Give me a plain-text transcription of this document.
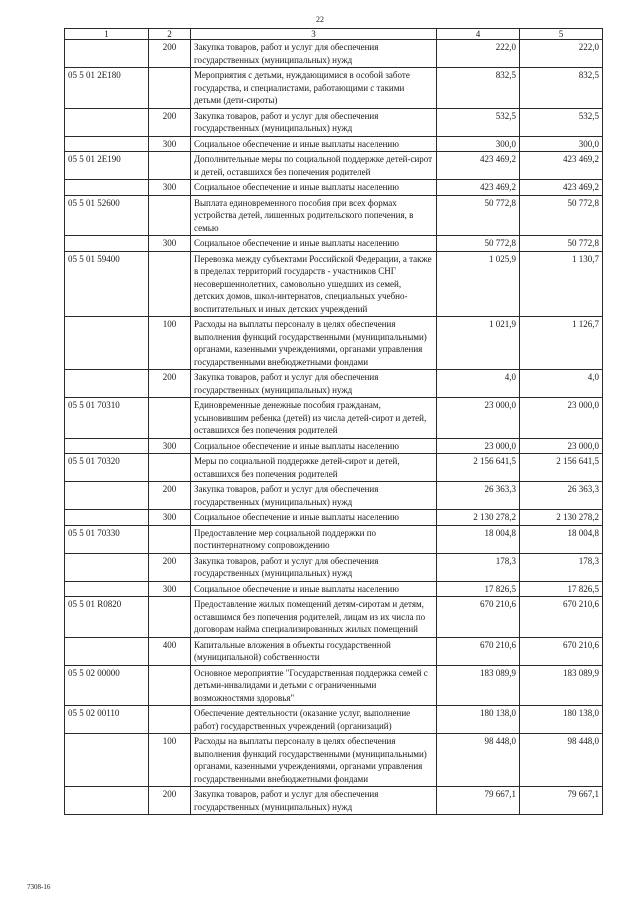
22
1	2	3	4	5
	200	Закупка товаров, работ и услуг для обеспечения государственных (муниципальных) нужд	222,0	222,0
05 5 01 2Е180		Мероприятия с детьми, нуждающимися в особой заботе государства, и специалистами, работающими с такими детьми (дети-сироты)	832,5	832,5
	200	Закупка товаров, работ и услуг для обеспечения государственных (муниципальных) нужд	532,5	532,5
	300	Социальное обеспечение и иные выплаты населению	300,0	300,0
05 5 01 2Е190		Дополнительные меры по социальной поддержке детей-сирот и детей, оставшихся без попечения родителей	423 469,2	423 469,2
	300	Социальное обеспечение и иные выплаты населению	423 469,2	423 469,2
05 5 01 52600		Выплата единовременного пособия при всех формах устройства детей, лишенных родительского попечения, в семью	50 772,8	50 772,8
	300	Социальное обеспечение и иные выплаты населению	50 772,8	50 772,8
05 5 01 59400		Перевозка между субъектами Российской Федерации, а также в пределах территорий государств - участников СНГ несовершеннолетних, самовольно ушедших из семей, детских домов, школ-интернатов, специальных учебно-воспитательных и иных детских учреждений	1 025,9	1 130,7
	100	Расходы на выплаты персоналу в целях обеспечения выполнения функций государственными (муниципальными) органами, казенными учреждениями, органами управления государственными внебюджетными фондами	1 021,9	1 126,7
	200	Закупка товаров, работ и услуг для обеспечения государственных (муниципальных) нужд	4,0	4,0
05 5 01 70310		Единовременные денежные пособия гражданам, усыновившим ребенка (детей) из числа детей-сирот и детей, оставшихся без попечения родителей	23 000,0	23 000,0
	300	Социальное обеспечение и иные выплаты населению	23 000,0	23 000,0
05 5 01 70320		Меры по социальной поддержке детей-сирот и детей, оставшихся без попечения родителей	2 156 641,5	2 156 641,5
	200	Закупка товаров, работ и услуг для обеспечения государственных (муниципальных) нужд	26 363,3	26 363,3
	300	Социальное обеспечение и иные выплаты населению	2 130 278,2	2 130 278,2
05 5 01 70330		Предоставление мер социальной поддержки по постинтернатному сопровождению	18 004,8	18 004,8
	200	Закупка товаров, работ и услуг для обеспечения государственных (муниципальных) нужд	178,3	178,3
	300	Социальное обеспечение и иные выплаты населению	17 826,5	17 826,5
05 5 01 R0820		Предоставление жилых помещений детям-сиротам и детям, оставшимся без попечения родителей, лицам из их числа по договорам найма специализированных жилых помещений	670 210,6	670 210,6
	400	Капитальные вложения в объекты государственной (муниципальной) собственности	670 210,6	670 210,6
05 5 02 00000		Основное мероприятие "Государственная поддержка семей с детьми-инвалидами и детьми с ограниченными возможностями здоровья"	183 089,9	183 089,9
05 5 02 00110		Обеспечение деятельности (оказание услуг, выполнение работ) государственных учреждений (организаций)	180 138,0	180 138,0
	100	Расходы на выплаты персоналу в целях обеспечения выполнения функций государственными (муниципальными) органами, казенными учреждениями, органами управления государственными внебюджетными фондами	98 448,0	98 448,0
	200	Закупка товаров, работ и услуг для обеспечения государственных (муниципальных) нужд	79 667,1	79 667,1
7308-16
